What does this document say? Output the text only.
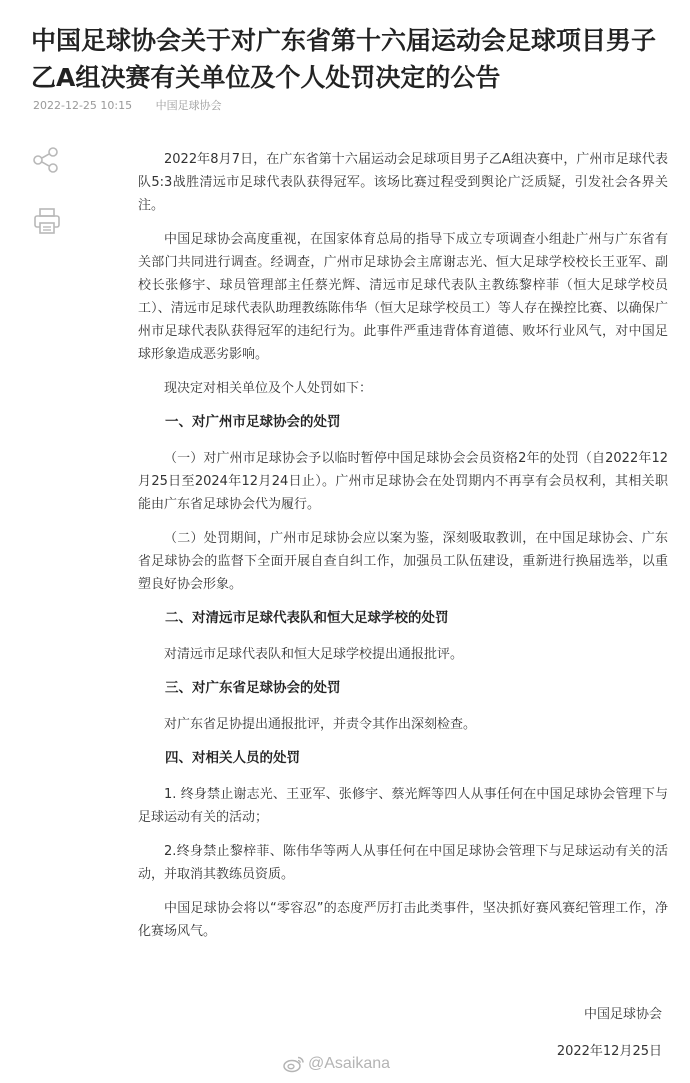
中国足球协会关于对广东省第十六届运动会足球项目男子乙A组决赛有关单位及个人处罚决定的公告
2022-12-25 10:15 中国足球协会

2022年8月7日，在广东省第十六届运动会足球项目男子乙A组决赛中，广州市足球代表队5:3战胜清远市足球代表队获得冠军。该场比赛过程受到舆论广泛质疑，引发社会各界关注。

中国足球协会高度重视，在国家体育总局的指导下成立专项调查小组赴广州与广东省有关部门共同进行调查。经调查，广州市足球协会主席谢志光、恒大足球学校校长王亚军、副校长张修宇、球员管理部主任蔡光辉、清远市足球代表队主教练黎梓菲（恒大足球学校员工）、清远市足球代表队助理教练陈伟华（恒大足球学校员工）等人存在操控比赛、以确保广州市足球代表队获得冠军的违纪行为。此事件严重违背体育道德、败坏行业风气，对中国足球形象造成恶劣影响。

现决定对相关单位及个人处罚如下：

一、对广州市足球协会的处罚

（一）对广州市足球协会予以临时暂停中国足球协会会员资格2年的处罚（自2022年12月25日至2024年12月24日止）。广州市足球协会在处罚期内不再享有会员权利，其相关职能由广东省足球协会代为履行。

（二）处罚期间，广州市足球协会应以案为鉴，深刻吸取教训，在中国足球协会、广东省足球协会的监督下全面开展自查自纠工作，加强员工队伍建设，重新进行换届选举，以重塑良好协会形象。

二、对清远市足球代表队和恒大足球学校的处罚

对清远市足球代表队和恒大足球学校提出通报批评。

三、对广东省足球协会的处罚

对广东省足协提出通报批评，并责令其作出深刻检查。

四、对相关人员的处罚

1. 终身禁止谢志光、王亚军、张修宇、蔡光辉等四人从事任何在中国足球协会管理下与足球运动有关的活动；

2.终身禁止黎梓菲、陈伟华等两人从事任何在中国足球协会管理下与足球运动有关的活动，并取消其教练员资质。

中国足球协会将以“零容忍”的态度严厉打击此类事件，坚决抓好赛风赛纪管理工作，净化赛场风气。

中国足球协会
2022年12月25日
@Asaikana
